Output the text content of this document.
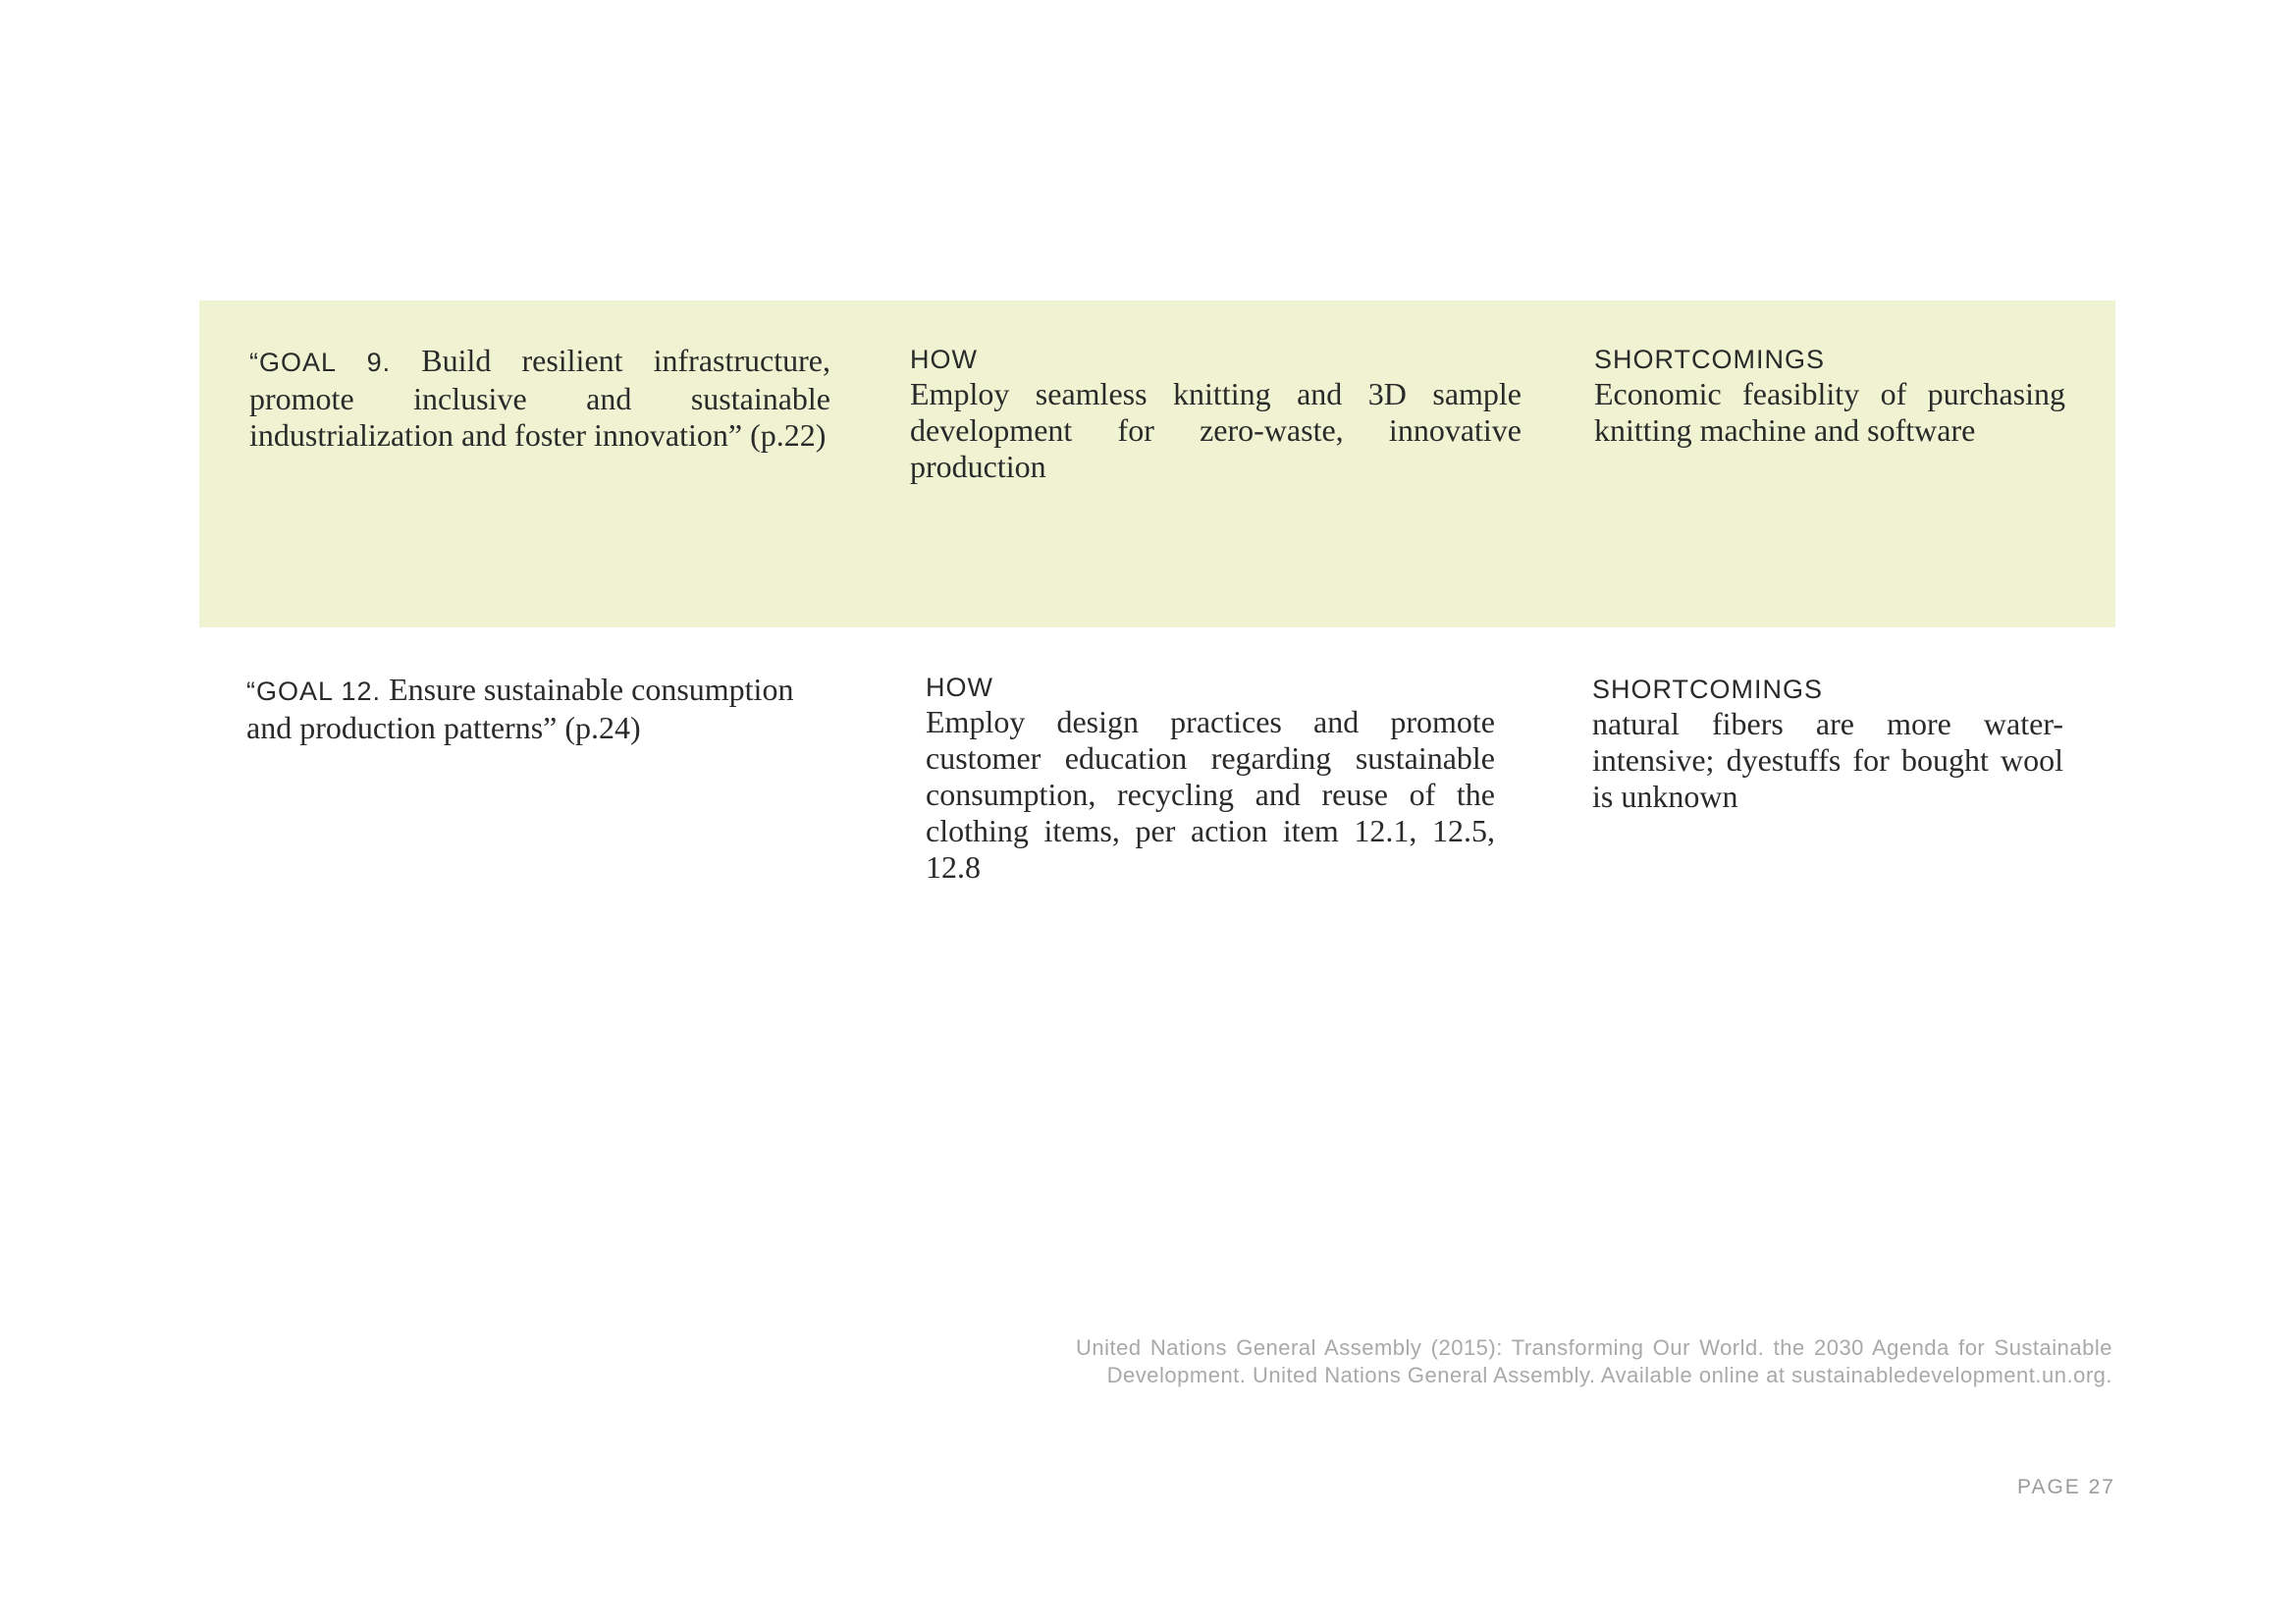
“GOAL 9. Build resilient infrastructure, promote inclusive and sustainable industrialization and foster innovation” (p.22)
HOW
Employ seamless knitting and 3D sample development for zero-waste, innovative production
SHORTCOMINGS
Economic feasiblity of purchasing knitting machine and software
“GOAL 12. Ensure sustainable consumption and production patterns” (p.24)
HOW
Employ design practices and promote customer education regarding sustainable consumption, recycling and reuse of the clothing items, per action item 12.1, 12.5, 12.8
SHORTCOMINGS
natural fibers are more water-intensive; dyestuffs for bought wool is unknown
United Nations General Assembly (2015): Transforming Our World. the 2030 Agenda for Sustainable Development. United Nations General Assembly. Available online at sustainabledevelopment.un.org.
PAGE 27
